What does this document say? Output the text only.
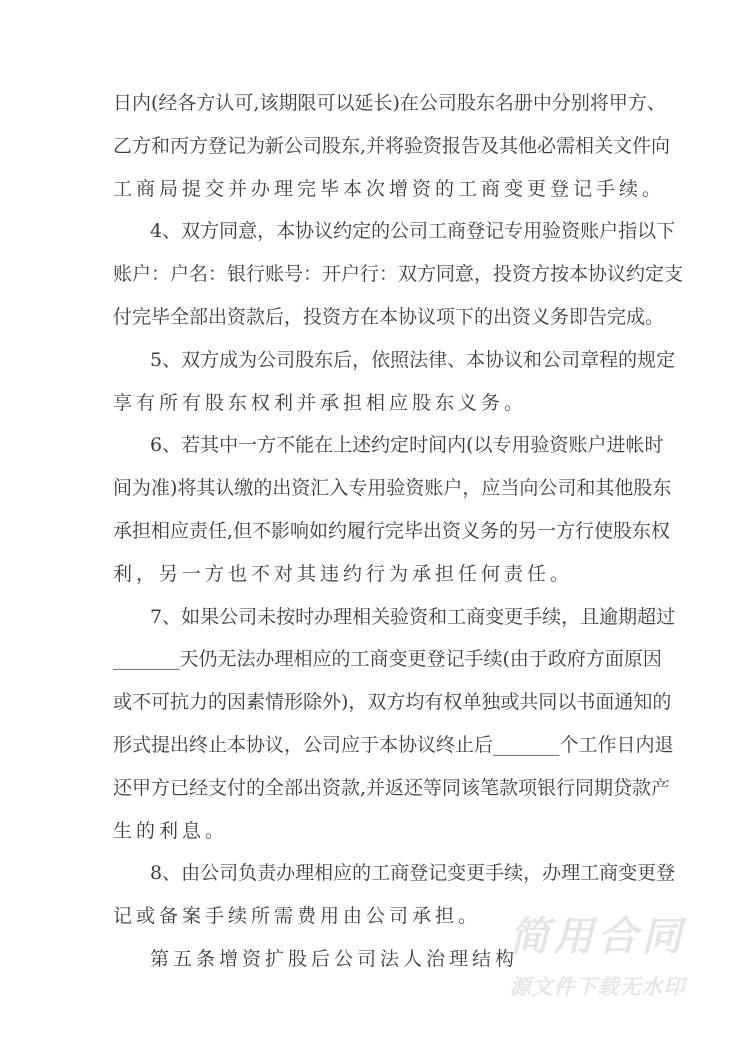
日内(经各方认可,该期限可以延长)在公司股东名册中分别将甲方、
乙方和丙方登记为新公司股东,并将验资报告及其他必需相关文件向
工商局提交并办理完毕本次增资的工商变更登记手续。
4、双方同意，本协议约定的公司工商登记专用验资账户指以下
账户：户名：银行账号：开户行：双方同意，投资方按本协议约定支
付完毕全部出资款后，投资方在本协议项下的出资义务即告完成。
5、双方成为公司股东后，依照法律、本协议和公司章程的规定
享有所有股东权利并承担相应股东义务。
6、若其中一方不能在上述约定时间内(以专用验资账户进帐时
间为准)将其认缴的出资汇入专用验资账户，应当向公司和其他股东
承担相应责任,但不影响如约履行完毕出资义务的另一方行使股东权
利，另一方也不对其违约行为承担任何责任。
7、如果公司未按时办理相关验资和工商变更手续，且逾期超过
_______天仍无法办理相应的工商变更登记手续(由于政府方面原因
或不可抗力的因素情形除外)，双方均有权单独或共同以书面通知的
形式提出终止本协议，公司应于本协议终止后_______个工作日内退
还甲方已经支付的全部出资款,并返还等同该笔款项银行同期贷款产
生的利息。
8、由公司负责办理相应的工商登记变更手续，办理工商变更登
记或备案手续所需费用由公司承担。
第五条增资扩股后公司法人治理结构
简用合同
源文件下载无水印
